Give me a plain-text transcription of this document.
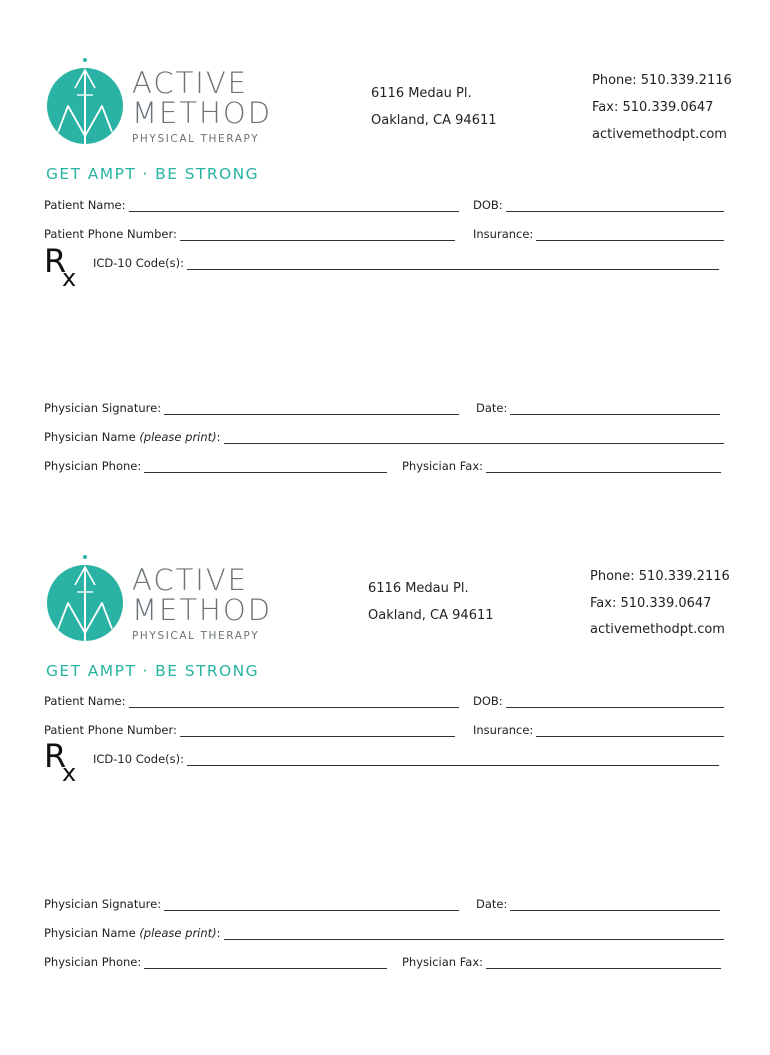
ACTIVE
METHOD
PHYSICAL THERAPY
6116 Medau Pl.
Oakland, CA 94611
Phone: 510.339.2116
Fax: 510.339.0647
activemethodpt.com
GET AMPT · BE STRONG
Patient Name:	DOB:
Patient Phone Number:	Insurance:
R
x
ICD-10 Code(s):
Physician Signature:	Date:
Physician Name
(please print) :
Physician Phone:	Physician Fax:
ACTIVE
METHOD
PHYSICAL THERAPY
6116 Medau Pl.
Oakland, CA 94611
Phone: 510.339.2116
Fax: 510.339.0647
activemethodpt.com
GET AMPT · BE STRONG
Patient Name:	DOB:
Patient Phone Number:	Insurance:
R
x ICD-10 Code(s):
Physician Signature:	Date:
Physician Name
(please print) :
Physician Phone:	Physician Fax:
